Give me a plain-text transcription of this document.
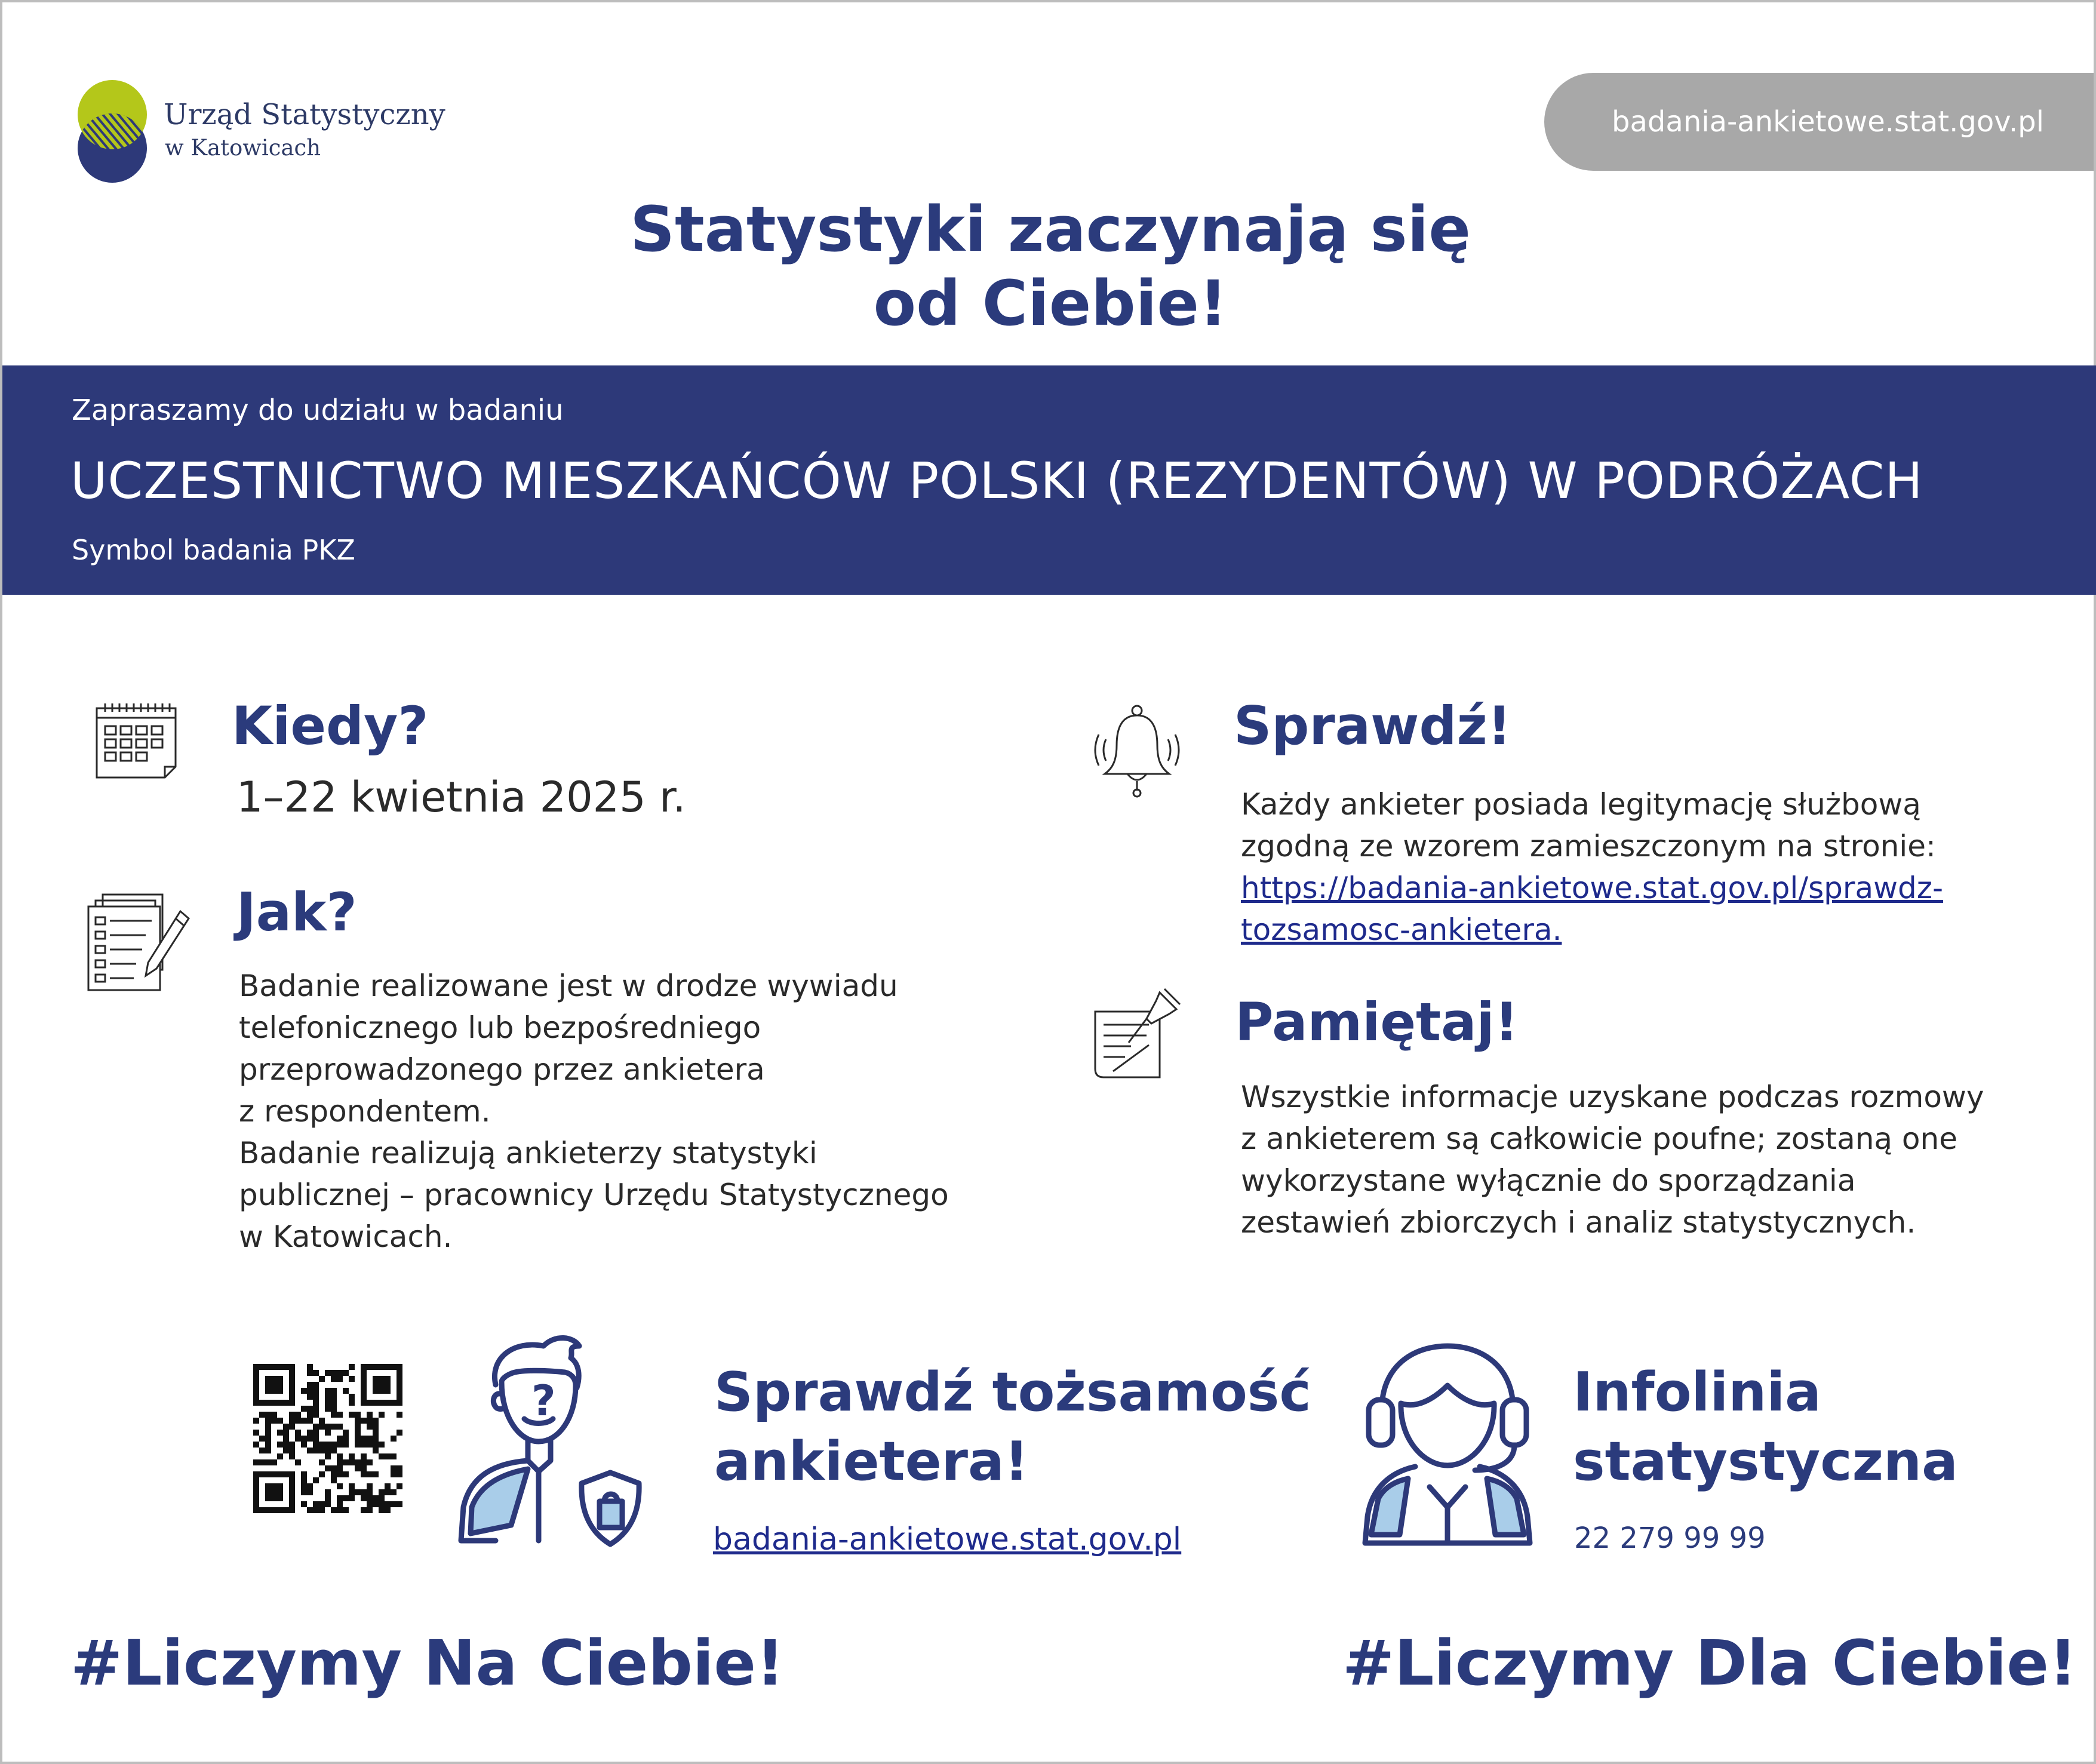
Urząd Statystyczny
w Katowicach
badania-ankietowe.stat.gov.pl
Statystyki zaczynają się
od Ciebie!
Zapraszamy do udziału w badaniu
UCZESTNICTWO MIESZKAŃCÓW POLSKI (REZYDENTÓW) W PODRÓŻACH
Symbol badania PKZ
Kiedy?
1–22 kwietnia 2025 r.
Jak?
Badanie realizowane jest w drodze wywiadu
telefonicznego lub bezpośredniego
przeprowadzonego przez ankietera
z respondentem.
Badanie realizują ankieterzy statystyki
publicznej – pracownicy Urzędu Statystycznego
w Katowicach.
Sprawdź!
Każdy ankieter posiada legitymację służbową
zgodną ze wzorem zamieszczonym na stronie:
https://badania-ankietowe.stat.gov.pl/sprawdz-
tozsamosc-ankietera.
Pamiętaj!
Wszystkie informacje uzyskane podczas rozmowy
z ankieterem są całkowicie poufne; zostaną one
wykorzystane wyłącznie do sporządzania
zestawień zbiorczych i analiz statystycznych.
?	Sprawdź tożsamość
ankietera!
badania-ankietowe.stat.gov.pl
Infolinia
statystyczna
22 279 99 99
#Liczymy Na Ciebie!	#Liczymy Dla Ciebie!
